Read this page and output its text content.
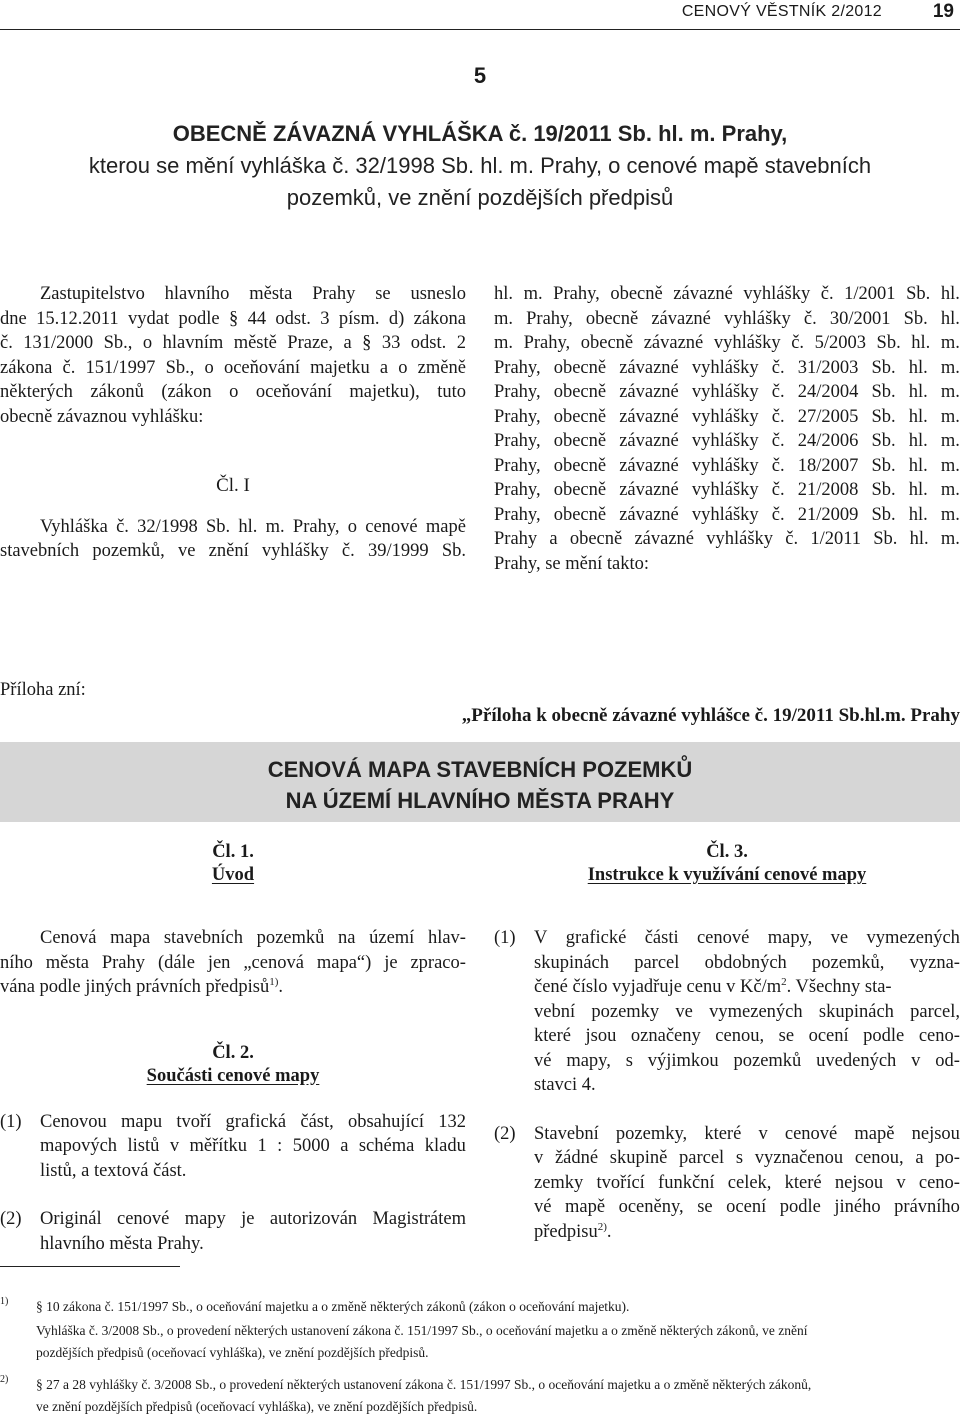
CENOVÝ VĚSTNÍK 2/2012	19
5
OBECNĚ ZÁVAZNÁ VYHLÁŠKA č. 19/2011 Sb. hl. m. Prahy,
kterou se mění vyhláška č. 32/1998 Sb. hl. m. Prahy, o cenové mapě stavebních
pozemků, ve znění pozdějších předpisů
Zastupitelstvo hlavního města Prahy se usneslo
dne 15.12.2011 vydat podle § 44 odst. 3 písm. d) zákona
č. 131/2000 Sb., o hlavním městě Praze, a § 33 odst. 2
zákona č. 151/1997 Sb., o oceňování majetku a o změně
některých zákonů (zákon o oceňování majetku), tuto
obecně závaznou vyhlášku:
Čl. I
Vyhláška č. 32/1998 Sb. hl. m. Prahy, o cenové mapě
stavebních pozemků, ve znění vyhlášky č. 39/1999 Sb.
hl. m. Prahy, obecně závazné vyhlášky č. 1/2001 Sb. hl.
m. Prahy, obecně závazné vyhlášky č. 30/2001 Sb. hl.
m. Prahy, obecně závazné vyhlášky č. 5/2003 Sb. hl. m.
Prahy, obecně závazné vyhlášky č. 31/2003 Sb. hl. m.
Prahy, obecně závazné vyhlášky č. 24/2004 Sb. hl. m.
Prahy, obecně závazné vyhlášky č. 27/2005 Sb. hl. m.
Prahy, obecně závazné vyhlášky č. 24/2006 Sb. hl. m.
Prahy, obecně závazné vyhlášky č. 18/2007 Sb. hl. m.
Prahy, obecně závazné vyhlášky č. 21/2008 Sb. hl. m.
Prahy, obecně závazné vyhlášky č. 21/2009 Sb. hl. m.
Prahy a obecně závazné vyhlášky č. 1/2011 Sb. hl. m.
Prahy, se mění takto:
Příloha zní:
„Příloha k obecně závazné vyhlášce č. 19/2011 Sb.hl.m. Prahy
CENOVÁ MAPA STAVEBNÍCH POZEMKŮ
NA ÚZEMÍ HLAVNÍHO MĚSTA PRAHY
Čl. 1.
Úvod
Cenová mapa stavebních pozemků na území hlav-
ního města Prahy (dále jen „cenová mapa“) je zpraco-
vána podle jiných právních předpisů$^{1)}$.
Čl. 2.
Součásti cenové mapy
(1) Cenovou mapu tvoří grafická část, obsahující 132
mapových listů v měřítku 1 : 5000 a schéma kladu
listů, a textová část.
(2) Originál cenové mapy je autorizován Magistrátem
hlavního města Prahy.
Čl. 3.
Instrukce k využívání cenové mapy
(1) V grafické části cenové mapy, ve vymezených
skupinách parcel obdobných pozemků, vyzna-
čené číslo vyjadřuje cenu v $Kč/m^2$. Všechny sta-
vební pozemky ve vymezených skupinách parcel,
které jsou označeny cenou, se ocení podle ceno-
vé mapy, s výjimkou pozemků uvedených v od-
stavci 4.
(2) Stavební pozemky, které v cenové mapě nejsou
v žádné skupině parcel s vyznačenou cenou, a po-
zemky tvořící funkční celek, které nejsou v ceno-
vé mapě oceněny, se ocení podle jiného právního
předpisu$^{2)}$.
1) § 10 zákona č. 151/1997 Sb., o oceňování majetku a o změně některých zákonů (zákon o oceňování majetku).
Vyhláška č. 3/2008 Sb., o provedení některých ustanovení zákona č. 151/1997 Sb., o oceňování majetku a o změně některých zákonů, ve znění
pozdějších předpisů (oceňovací vyhláška), ve znění pozdějších předpisů.
2) § 27 a 28 vyhlášky č. 3/2008 Sb., o provedení některých ustanovení zákona č. 151/1997 Sb., o oceňování majetku a o změně některých zákonů,
ve znění pozdějších předpisů (oceňovací vyhláška), ve znění pozdějších předpisů.
